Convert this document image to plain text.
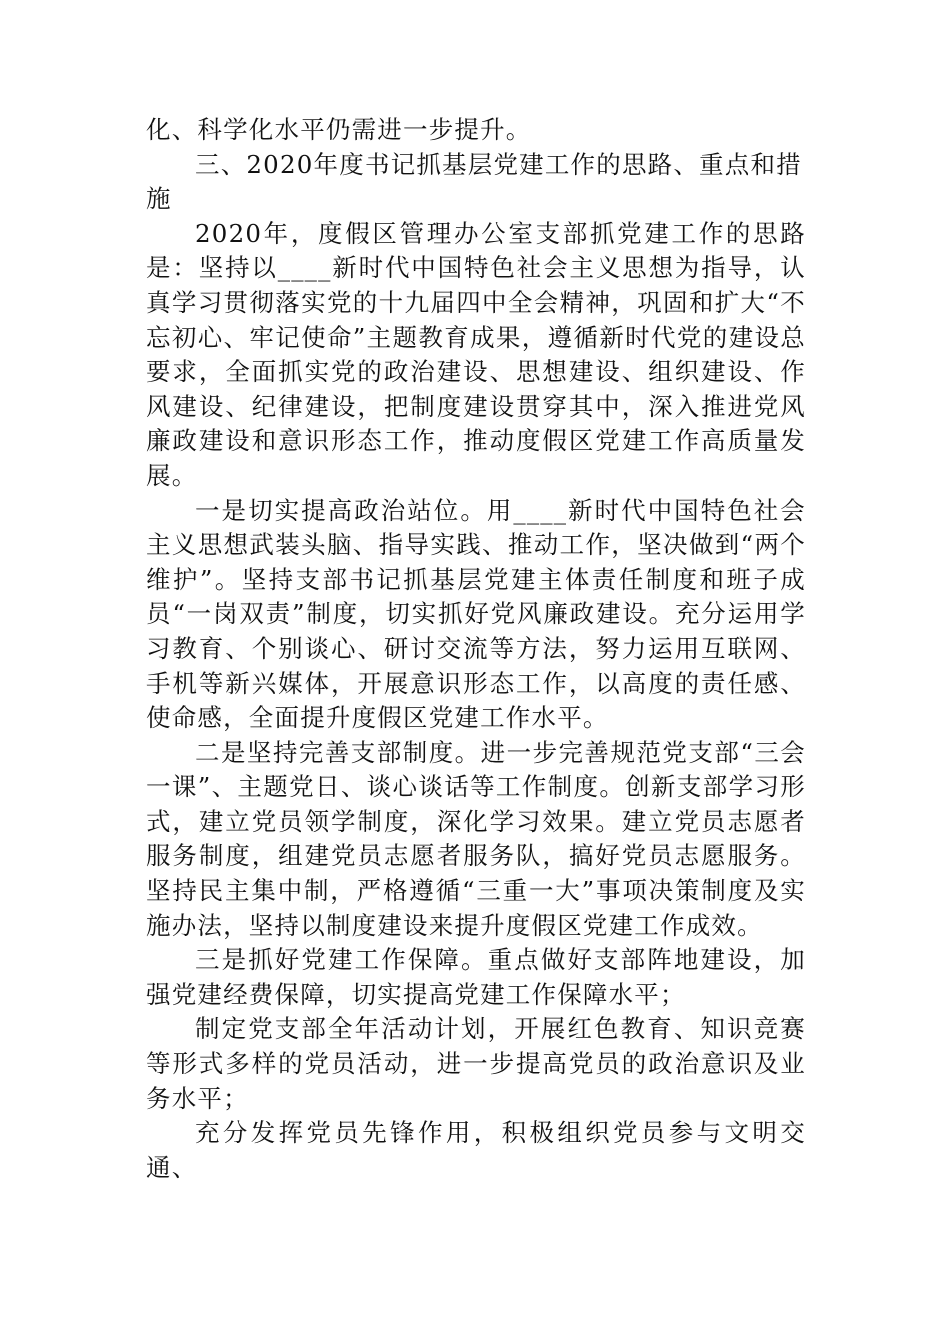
化、科学化水平仍需进一步提升。

三、2020年度书记抓基层党建工作的思路、重点和措施

2020年，度假区管理办公室支部抓党建工作的思路是：坚持以____新时代中国特色社会主义思想为指导，认真学习贯彻落实党的十九届四中全会精神，巩固和扩大“不忘初心、牢记使命”主题教育成果，遵循新时代党的建设总要求，全面抓实党的政治建设、思想建设、组织建设、作风建设、纪律建设，把制度建设贯穿其中，深入推进党风廉政建设和意识形态工作，推动度假区党建工作高质量发展。

一是切实提高政治站位。用____新时代中国特色社会主义思想武装头脑、指导实践、推动工作，坚决做到“两个维护”。坚持支部书记抓基层党建主体责任制度和班子成员“一岗双责”制度，切实抓好党风廉政建设。充分运用学习教育、个别谈心、研讨交流等方法，努力运用互联网、手机等新兴媒体，开展意识形态工作，以高度的责任感、使命感，全面提升度假区党建工作水平。

二是坚持完善支部制度。进一步完善规范党支部“三会一课”、主题党日、谈心谈话等工作制度。创新支部学习形式，建立党员领学制度，深化学习效果。建立党员志愿者服务制度，组建党员志愿者服务队，搞好党员志愿服务。坚持民主集中制，严格遵循“三重一大”事项决策制度及实施办法，坚持以制度建设来提升度假区党建工作成效。

三是抓好党建工作保障。重点做好支部阵地建设，加强党建经费保障，切实提高党建工作保障水平；

制定党支部全年活动计划，开展红色教育、知识竞赛等形式多样的党员活动，进一步提高党员的政治意识及业务水平；

充分发挥党员先锋作用，积极组织党员参与文明交通、
